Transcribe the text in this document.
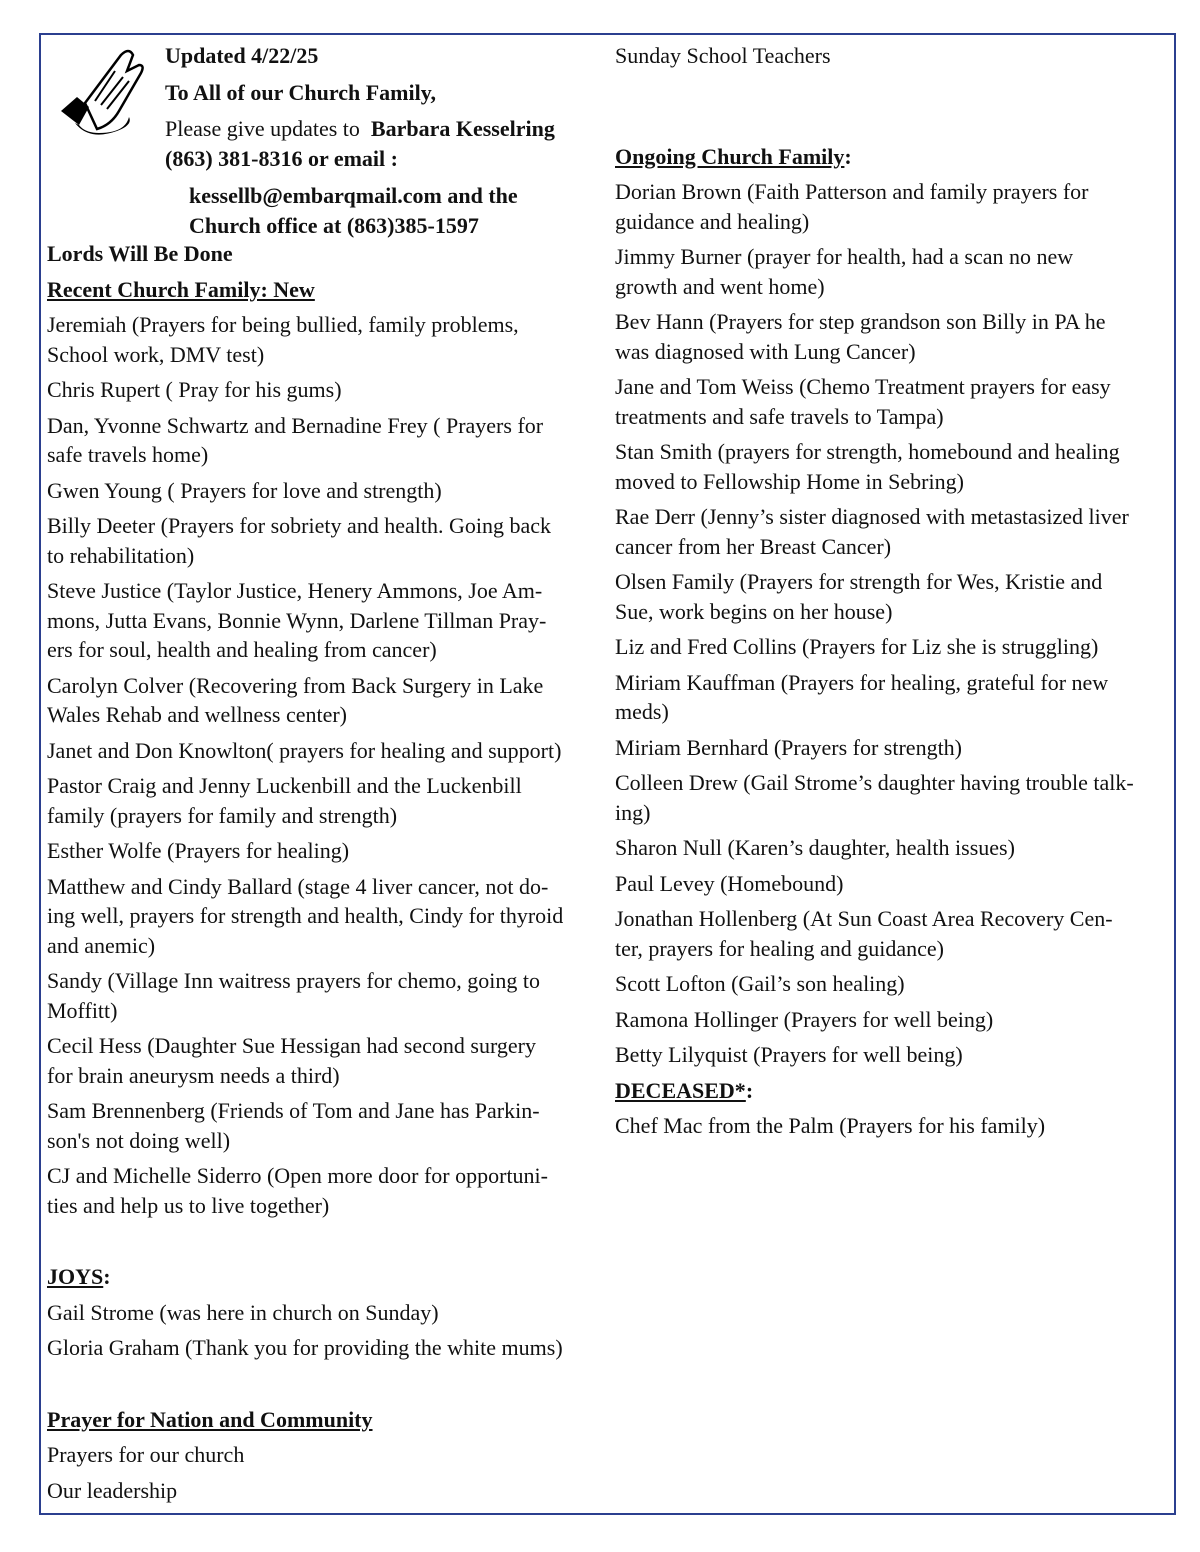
Updated 4/22/25

To All of our Church Family,

Please give updates to Barbara Kesselring

(863) 381-8316 or email :

kessellb@embarqmail.com and the

Church office at (863)385-1597

Lords Will Be Done

Recent Church Family: New

Jeremiah (Prayers for being bullied, family problems,

School work, DMV test)

Chris Rupert ( Pray for his gums)

Dan, Yvonne Schwartz and Bernadine Frey ( Prayers for

safe travels home)

Gwen Young ( Prayers for love and strength)

Billy Deeter (Prayers for sobriety and health. Going back

to rehabilitation)

Steve Justice (Taylor Justice, Henery Ammons, Joe Am-

mons, Jutta Evans, Bonnie Wynn, Darlene Tillman Pray-

ers for soul, health and healing from cancer)

Carolyn Colver (Recovering from Back Surgery in Lake

Wales Rehab and wellness center)

Janet and Don Knowlton( prayers for healing and support)

Pastor Craig and Jenny Luckenbill and the Luckenbill

family (prayers for family and strength)

Esther Wolfe (Prayers for healing)

Matthew and Cindy Ballard (stage 4 liver cancer, not do-

ing well, prayers for strength and health, Cindy for thyroid

and anemic)

Sandy (Village Inn waitress prayers for chemo, going to

Moffitt)

Cecil Hess (Daughter Sue Hessigan had second surgery

for brain aneurysm needs a third)

Sam Brennenberg (Friends of Tom and Jane has Parkin-

son's not doing well)

CJ and Michelle Siderro (Open more door for opportuni-

ties and help us to live together)

JOYS:

Gail Strome (was here in church on Sunday)

Gloria Graham (Thank you for providing the white mums)

Prayer for Nation and Community

Prayers for our church

Our leadership

Sunday School Teachers

Ongoing Church Family:

Dorian Brown (Faith Patterson and family prayers for

guidance and healing)

Jimmy Burner (prayer for health, had a scan no new

growth and went home)

Bev Hann (Prayers for step grandson son Billy in PA he

was diagnosed with Lung Cancer)

Jane and Tom Weiss (Chemo Treatment prayers for easy

treatments and safe travels to Tampa)

Stan Smith (prayers for strength, homebound and healing

moved to Fellowship Home in Sebring)

Rae Derr (Jenny’s sister diagnosed with metastasized liver

cancer from her Breast Cancer)

Olsen Family (Prayers for strength for Wes, Kristie and

Sue, work begins on her house)

Liz and Fred Collins (Prayers for Liz she is struggling)

Miriam Kauffman (Prayers for healing, grateful for new

meds)

Miriam Bernhard (Prayers for strength)

Colleen Drew (Gail Strome’s daughter having trouble talk-

ing)

Sharon Null (Karen’s daughter, health issues)

Paul Levey (Homebound)

Jonathan Hollenberg (At Sun Coast Area Recovery Cen-

ter, prayers for healing and guidance)

Scott Lofton (Gail’s son healing)

Ramona Hollinger (Prayers for well being)

Betty Lilyquist (Prayers for well being)

DECEASED*:

Chef Mac from the Palm (Prayers for his family)
